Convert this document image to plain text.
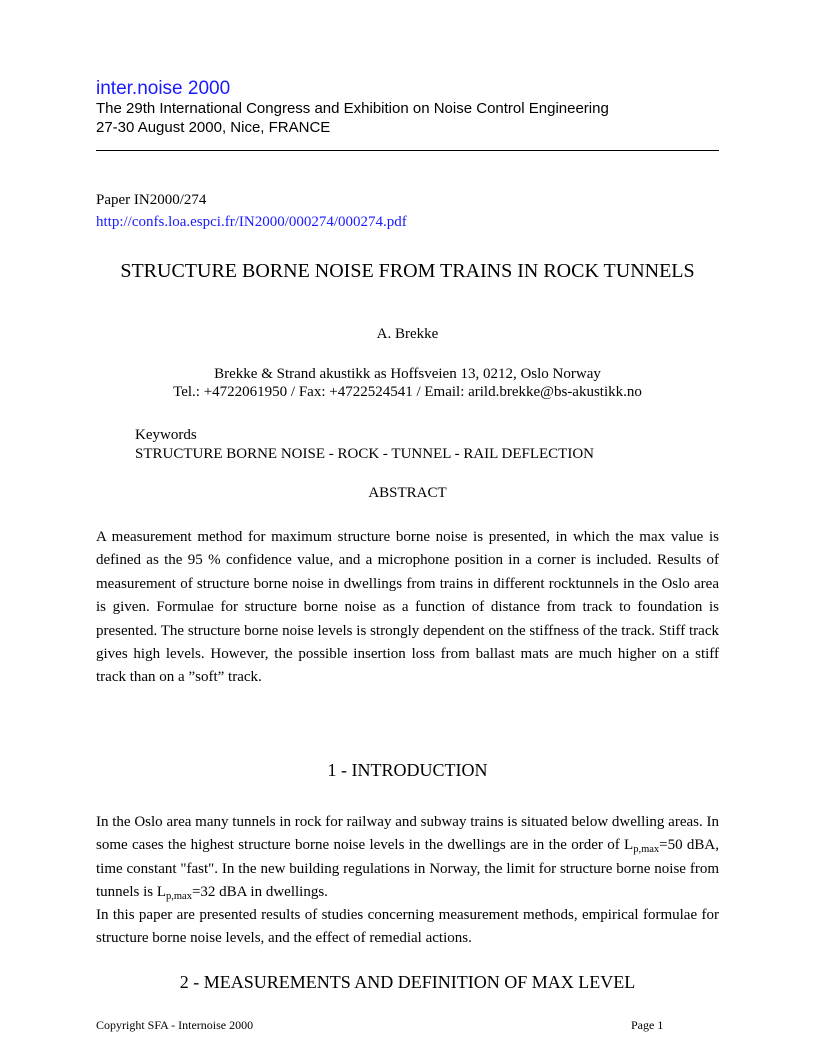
inter.noise 2000
The 29th International Congress and Exhibition on Noise Control Engineering
27-30 August 2000, Nice, FRANCE
Paper IN2000/274
http://confs.loa.espci.fr/IN2000/000274/000274.pdf
STRUCTURE BORNE NOISE FROM TRAINS IN ROCK TUNNELS
A. Brekke
Brekke & Strand akustikk as Hoffsveien 13, 0212, Oslo Norway
Tel.: +4722061950 / Fax: +4722524541 / Email: arild.brekke@bs-akustikk.no
Keywords
STRUCTURE BORNE NOISE - ROCK - TUNNEL - RAIL DEFLECTION
ABSTRACT

A measurement method for maximum structure borne noise is presented, in which the max value is defined as the 95 % confidence value, and a microphone position in a corner is included. Results of measurement of structure borne noise in dwellings from trains in different rocktunnels in the Oslo area is given. Formulae for structure borne noise as a function of distance from track to foundation is presented. The structure borne noise levels is strongly dependent on the stiffness of the track. Stiff track gives high levels. However, the possible insertion loss from ballast mats are much higher on a stiff track than on a ”soft” track.

1 - INTRODUCTION

In the Oslo area many tunnels in rock for railway and subway trains is situated below dwelling areas. In some cases the highest structure borne noise levels in the dwellings are in the order of $L_{p,max}=50$ dBA, time constant "fast". In the new building regulations in Norway, the limit for structure borne noise from tunnels is $L_{p,max}=32$ dBA in dwellings.

In this paper are presented results of studies concerning measurement methods, empirical formulae for structure borne noise levels, and the effect of remedial actions.

2 - MEASUREMENTS AND DEFINITION OF MAX LEVEL
Copyright SFA - Internoise 2000	Page 1
